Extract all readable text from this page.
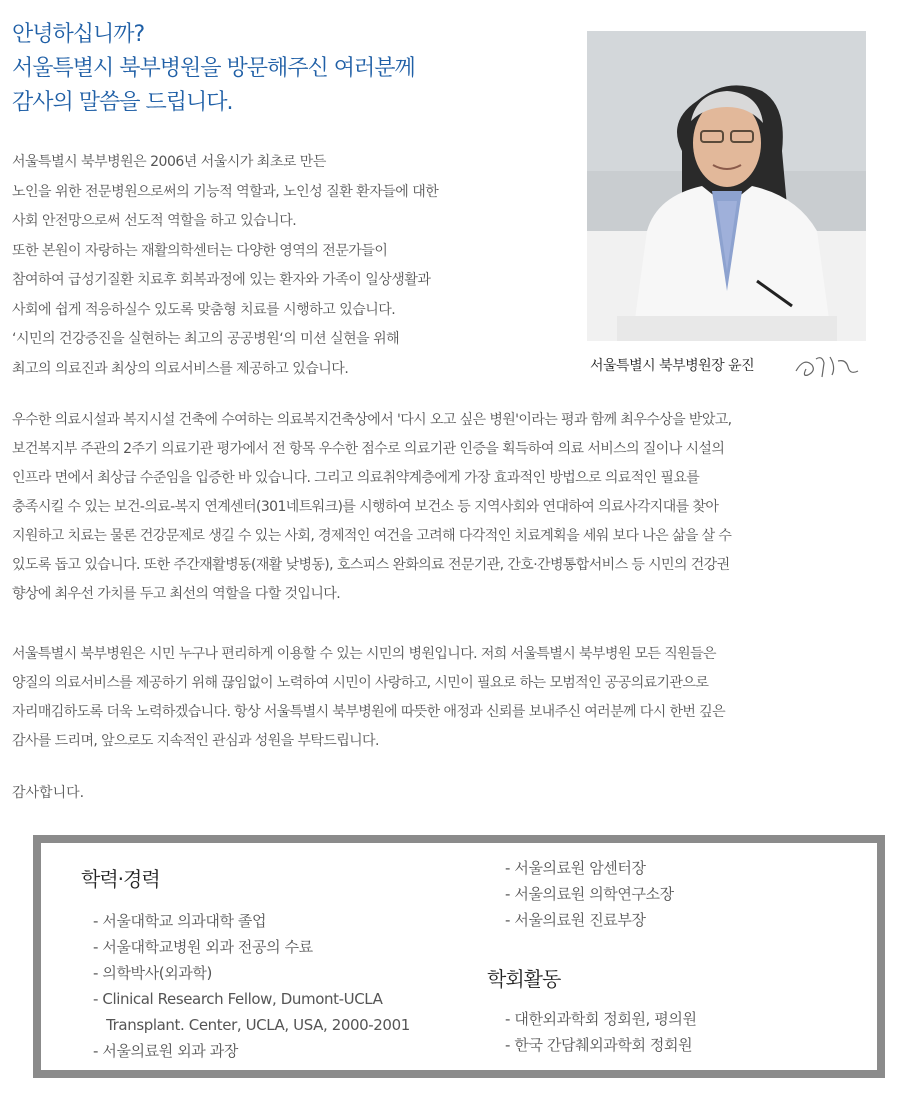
안녕하십니까?
서울특별시 북부병원을 방문해주신 여러분께
감사의 말씀을 드립니다.
서울특별시 북부병원은 2006년 서울시가 최초로 만든
노인을 위한 전문병원으로써의 기능적 역할과, 노인성 질환 환자들에 대한
사회 안전망으로써 선도적 역할을 하고 있습니다.
또한 본원이 자랑하는 재활의학센터는 다양한 영역의 전문가들이
참여하여 급성기질환 치료후 회복과정에 있는 환자와 가족이 일상생활과
사회에 쉽게 적응하실수 있도록 맞춤형 치료를 시행하고 있습니다.
‘시민의 건강증진을 실현하는 최고의 공공병원‘의 미션 실현을 위해
최고의 의료진과 최상의 의료서비스를 제공하고 있습니다.	서울특별시 북부병원장 윤진
우수한 의료시설과 복지시설 건축에 수여하는 의료복지건축상에서 '다시 오고 싶은 병원'이라는 평과 함께 최우수상을 받았고,
보건복지부 주관의 2주기 의료기관 평가에서 전 항목 우수한 점수로 의료기관 인증을 획득하여 의료 서비스의 질이나 시설의
인프라 면에서 최상급 수준임을 입증한 바 있습니다. 그리고 의료취약계층에게 가장 효과적인 방법으로 의료적인 필요를
충족시킬 수 있는 보건-의료-복지 연계센터(301네트워크)를 시행하여 보건소 등 지역사회와 연대하여 의료사각지대를 찾아
지원하고 치료는 물론 건강문제로 생길 수 있는 사회, 경제적인 여건을 고려해 다각적인 치료계획을 세워 보다 나은 삶을 살 수
있도록 돕고 있습니다. 또한 주간재활병동(재활 낮병동), 호스피스 완화의료 전문기관, 간호·간병통합서비스 등 시민의 건강권
향상에 최우선 가치를 두고 최선의 역할을 다할 것입니다.
서울특별시 북부병원은 시민 누구나 편리하게 이용할 수 있는 시민의 병원입니다. 저희 서울특별시 북부병원 모든 직원들은
양질의 의료서비스를 제공하기 위해 끊임없이 노력하여 시민이 사랑하고, 시민이 필요로 하는 모범적인 공공의료기관으로
자리매김하도록 더욱 노력하겠습니다. 항상 서울특별시 북부병원에 따뜻한 애정과 신뢰를 보내주신 여러분께 다시 한번 깊은
감사를 드리며, 앞으로도 지속적인 관심과 성원을 부탁드립니다.
감사합니다.
학력·경력
- 서울대학교 의과대학 졸업
- 서울대학교병원 외과 전공의 수료
- 의학박사(외과학)
- Clinical Research Fellow, Dumont-UCLA
Transplant. Center, UCLA, USA, 2000-2001
- 서울의료원 외과 과장
- 서울의료원 암센터장
- 서울의료원 의학연구소장
- 서울의료원 진료부장
학회활동
- 대한외과학회 정회원, 평의원
- 한국 간담췌외과학회 정회원
